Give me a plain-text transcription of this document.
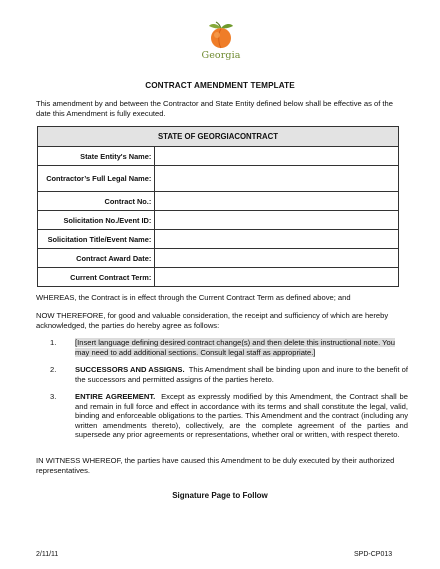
Georgia
CONTRACT AMENDMENT TEMPLATE
This amendment by and between the Contractor and State Entity defined below shall be effective as of the date this Amendment is fully executed.
STATE OF GEORGIACONTRACT	
State Entity's Name:	
Contractor’s Full Legal Name:	
Contract No.:	
Solicitation No./Event ID:	
Solicitation Title/Event Name:	
Contract Award Date:	
Current Contract Term:	
WHEREAS, the Contract is in effect through the Current Contract Term as defined above; and
NOW THEREFORE, for good and valuable consideration, the receipt and sufficiency of which are hereby acknowledged, the parties do hereby agree as follows:
1. [Insert language defining desired contract change(s) and then delete this instructional note. You may need to add additional sections. Consult legal staff as appropriate.]
2. SUCCESSORS AND ASSIGNS. This Amendment shall be binding upon and inure to the benefit of the successors and permitted assigns of the parties hereto.
3. ENTIRE AGREEMENT. Except as expressly modified by this Amendment, the Contract shall be and remain in full force and effect in accordance with its terms and shall constitute the legal, valid, binding and enforceable obligations to the parties. This Amendment and the contract (including any written amendments thereto), collectively, are the complete agreement of the parties and supersede any prior agreements or representations, whether oral or written, with respect thereto.
IN WITNESS WHEREOF, the parties have caused this Amendment to be duly executed by their authorized representatives.
Signature Page to Follow
2/11/11	SPD-CP013
